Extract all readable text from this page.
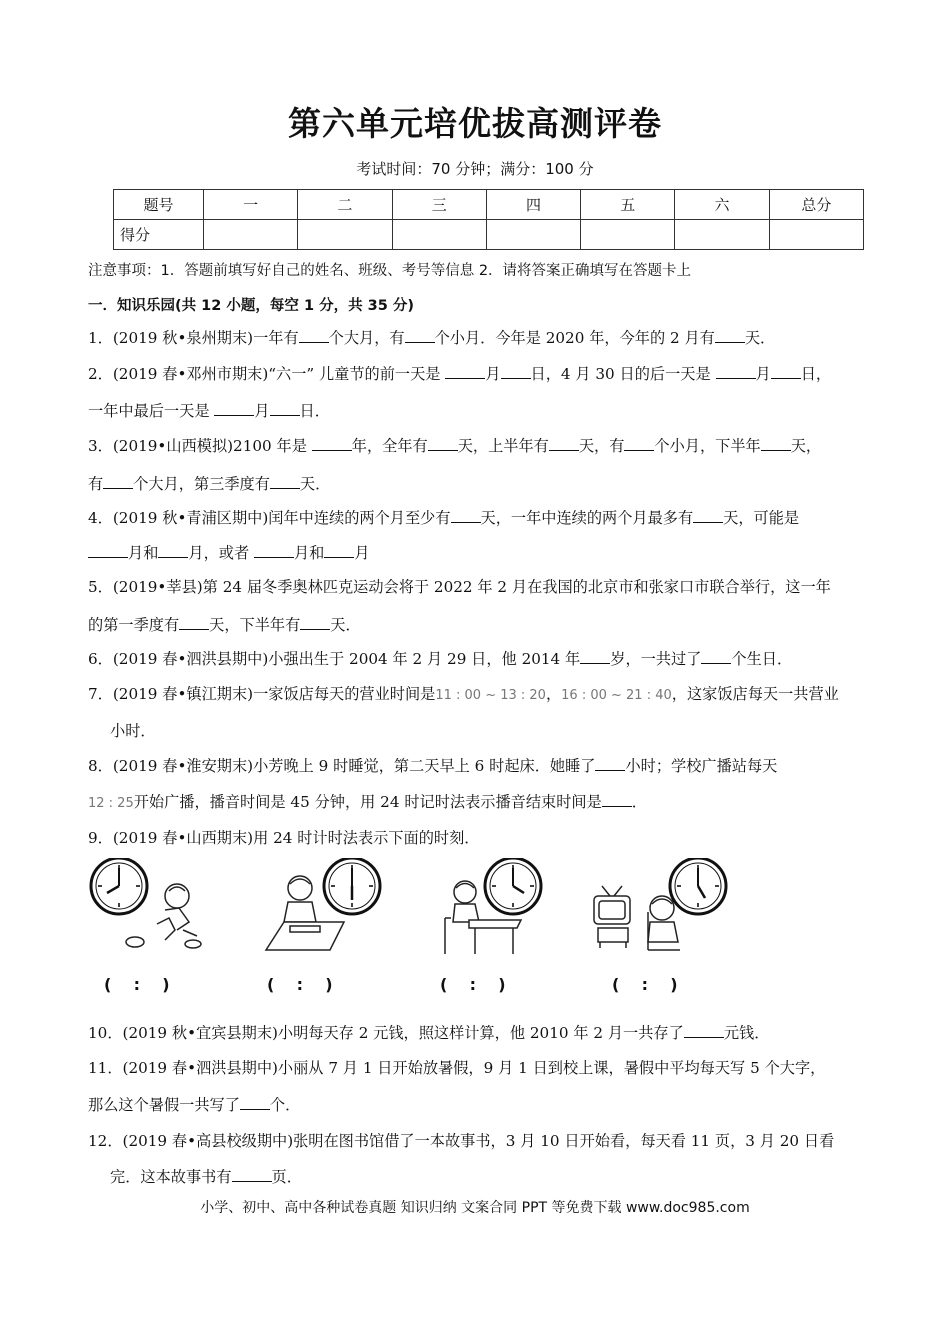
第六单元培优拔高测评卷
考试时间：70 分钟；满分：100 分
题号	一	二	三	四	五	六	总分
得分							
注意事项：1．答题前填写好自己的姓名、班级、考号等信息 2．请将答案正确填写在答题卡上
一．知识乐园(共 12 小题，每空 1 分，共 35 分)
1．(2019 秋•泉州期末)一年有 个大月，有 个小月．今年是 2020 年，今年的 2 月有 天．
2．(2019 春•邓州市期末)“六一” 儿童节的前一天是	月 日，4 月 30 日的后一天是	月 日，
一年中最后一天是	月 日．
3．(2019•山西模拟)2100 年是	年，全年有 天，上半年有 天，有 个小月，下半年 天，
有 个大月，第三季度有 天．
4．(2019 秋•青浦区期中)闰年中连续的两个月至少有 天，一年中连续的两个月最多有 天，可能是
月和 月，或者	月和 月
5．(2019•莘县)第 24 届冬季奥林匹克运动会将于 2022 年 2 月在我国的北京市和张家口市联合举行，这一年
的第一季度有 天，下半年有 天．
6．(2019 春•泗洪县期中)小强出生于 2004 年 2 月 29 日，他 2014 年 岁，一共过了 个生日．
7．(2019 春•镇江期末)一家饭店每天的营业时间是11 : 00 ~ 13 : 20，16 : 00 ~ 21 : 40，这家饭店每天一共营业
小时．
8．(2019 春•淮安期末)小芳晚上 9 时睡觉，第二天早上 6 时起床．她睡了 小时；学校广播站每天
12 : 25开始广播，播音时间是 45 分钟，用 24 时记时法表示播音结束时间是 ．
9．(2019 春•山西期末)用 24 时计时法表示下面的时刻．
(    :    )	(    :    )	(    :    )	(    :    )
10．(2019 秋•宜宾县期末)小明每天存 2 元钱，照这样计算，他 2010 年 2 月一共存了	元钱．
11．(2019 春•泗洪县期中)小丽从 7 月 1 日开始放暑假，9 月 1 日到校上课，暑假中平均每天写 5 个大字，
那么这个暑假一共写了 个．
12．(2019 春•高县校级期中)张明在图书馆借了一本故事书，3 月 10 日开始看，每天看 11 页，3 月 20 日看
完．这本故事书有	页．
小学、初中、高中各种试卷真题 知识归纳 文案合同 PPT 等免费下载 www.doc985.com
